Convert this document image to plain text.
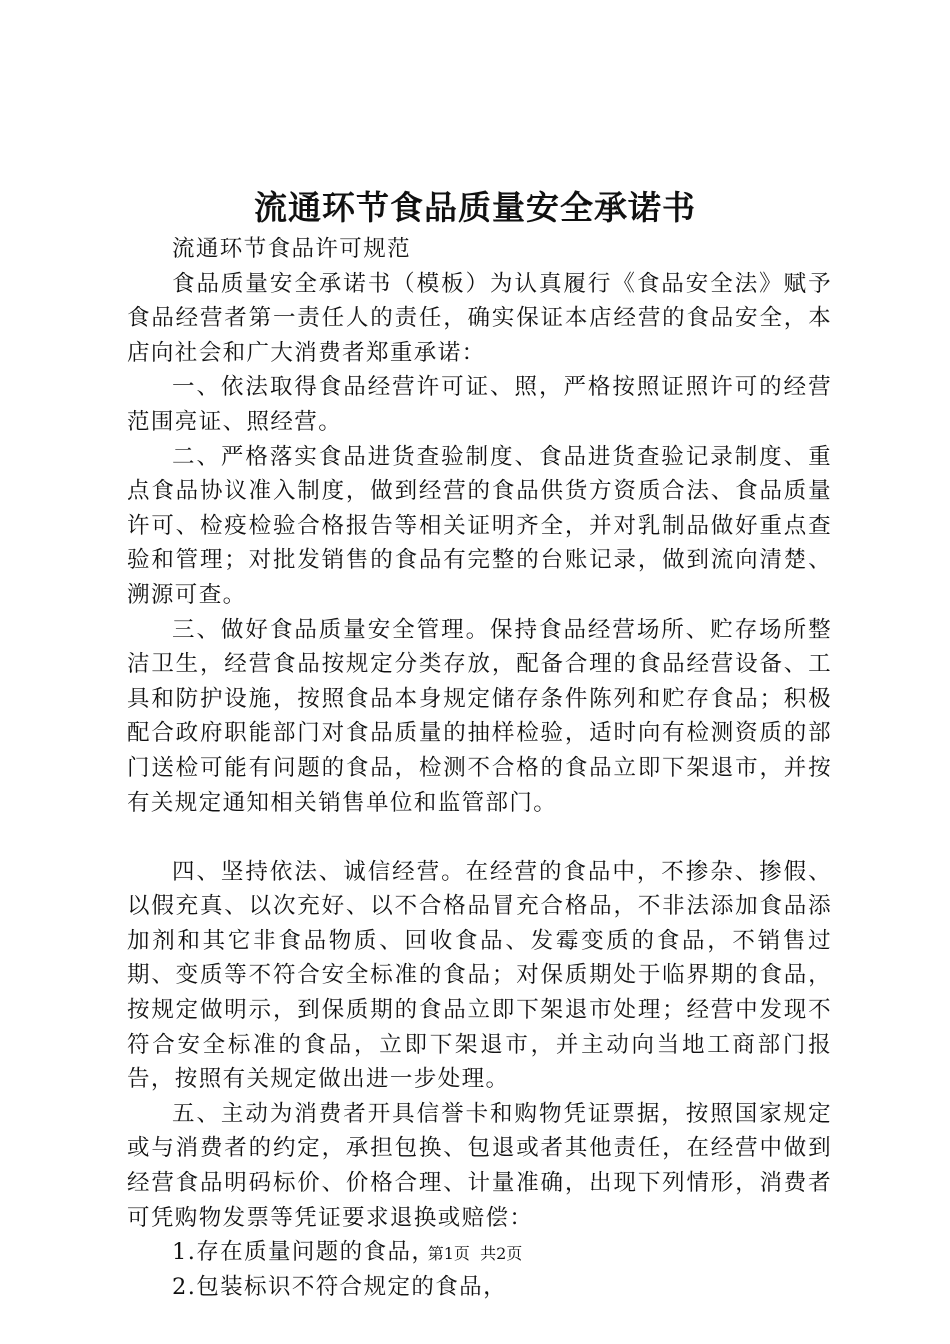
流通环节食品质量安全承诺书

流通环节食品许可规范

食品质量安全承诺书（模板）为认真履行《食品安全法》赋予食品经营者第一责任人的责任，确实保证本店经营的食品安全，本店向社会和广大消费者郑重承诺：

一、依法取得食品经营许可证、照，严格按照证照许可的经营范围亮证、照经营。

二、严格落实食品进货查验制度、食品进货查验记录制度、重点食品协议准入制度，做到经营的食品供货方资质合法、食品质量许可、检疫检验合格报告等相关证明齐全，并对乳制品做好重点查验和管理；对批发销售的食品有完整的台账记录，做到流向清楚、溯源可查。

三、做好食品质量安全管理。保持食品经营场所、贮存场所整洁卫生，经营食品按规定分类存放，配备合理的食品经营设备、工具和防护设施，按照食品本身规定储存条件陈列和贮存食品；积极配合政府职能部门对食品质量的抽样检验，适时向有检测资质的部门送检可能有问题的食品，检测不合格的食品立即下架退市，并按有关规定通知相关销售单位和监管部门。

四、坚持依法、诚信经营。在经营的食品中，不掺杂、掺假、以假充真、以次充好、以不合格品冒充合格品，不非法添加食品添加剂和其它非食品物质、回收食品、发霉变质的食品，不销售过期、变质等不符合安全标准的食品；对保质期处于临界期的食品，按规定做明示，到保质期的食品立即下架退市处理；经营中发现不符合安全标准的食品，立即下架退市，并主动向当地工商部门报告，按照有关规定做出进一步处理。

五、主动为消费者开具信誉卡和购物凭证票据，按照国家规定或与消费者的约定，承担包换、包退或者其他责任，在经营中做到经营食品明码标价、价格合理、计量准确，出现下列情形，消费者可凭购物发票等凭证要求退换或赔偿：

1.存在质量问题的食品，

2.包装标识不符合规定的食品，

第1页  共2页
